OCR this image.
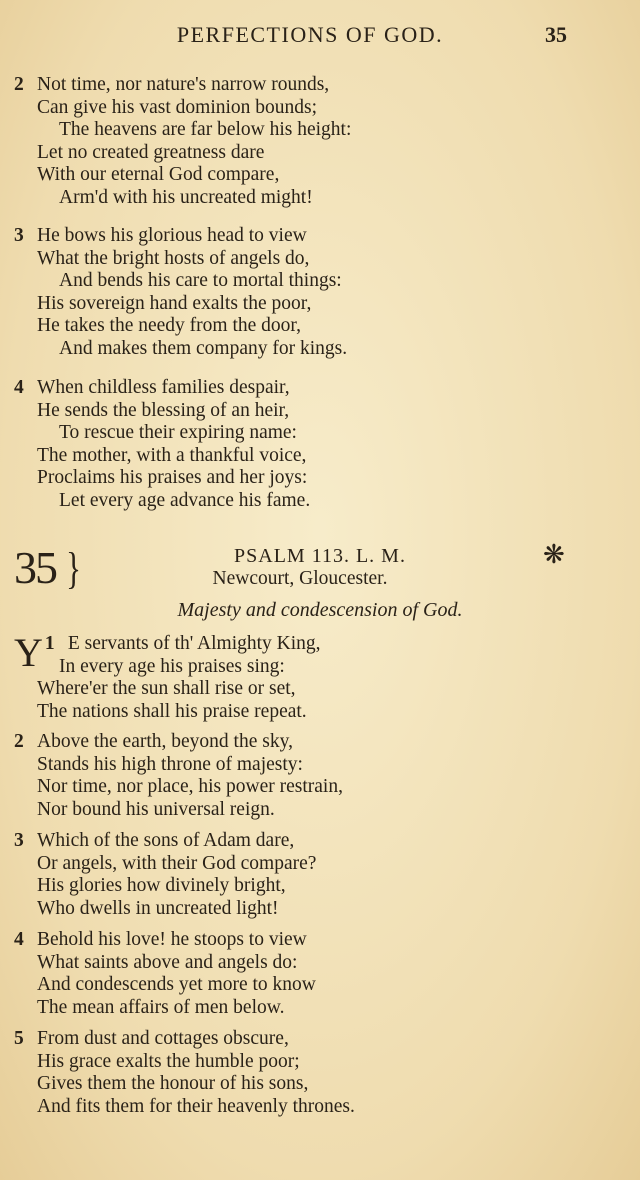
PERFECTIONS OF GOD.	35
2 Not time, nor nature's narrow rounds,
Can give his vast dominion bounds;
The heavens are far below his height:
Let no created greatness dare
With our eternal God compare,
Arm'd with his uncreated might!
3 He bows his glorious head to view
What the bright hosts of angels do,
And bends his care to mortal things:
His sovereign hand exalts the poor,
He takes the needy from the door,
And makes them company for kings.
4 When childless families despair,
He sends the blessing of an heir,
To rescue their expiring name:
The mother, with a thankful voice,
Proclaims his praises and her joys:
Let every age advance his fame.
35 }	PSALM 113. L. M.
Newcourt, Gloucester.
❋
Majesty and condescension of God.
1
Y E servants of th' Almighty King,
In every age his praises sing:
Where'er the sun shall rise or set,
The nations shall his praise repeat.
2 Above the earth, beyond the sky,
Stands his high throne of majesty:
Nor time, nor place, his power restrain,
Nor bound his universal reign.
3 Which of the sons of Adam dare,
Or angels, with their God compare?
His glories how divinely bright,
Who dwells in uncreated light!
4 Behold his love! he stoops to view
What saints above and angels do:
And condescends yet more to know
The mean affairs of men below.
5 From dust and cottages obscure,
His grace exalts the humble poor;
Gives them the honour of his sons,
And fits them for their heavenly thrones.
